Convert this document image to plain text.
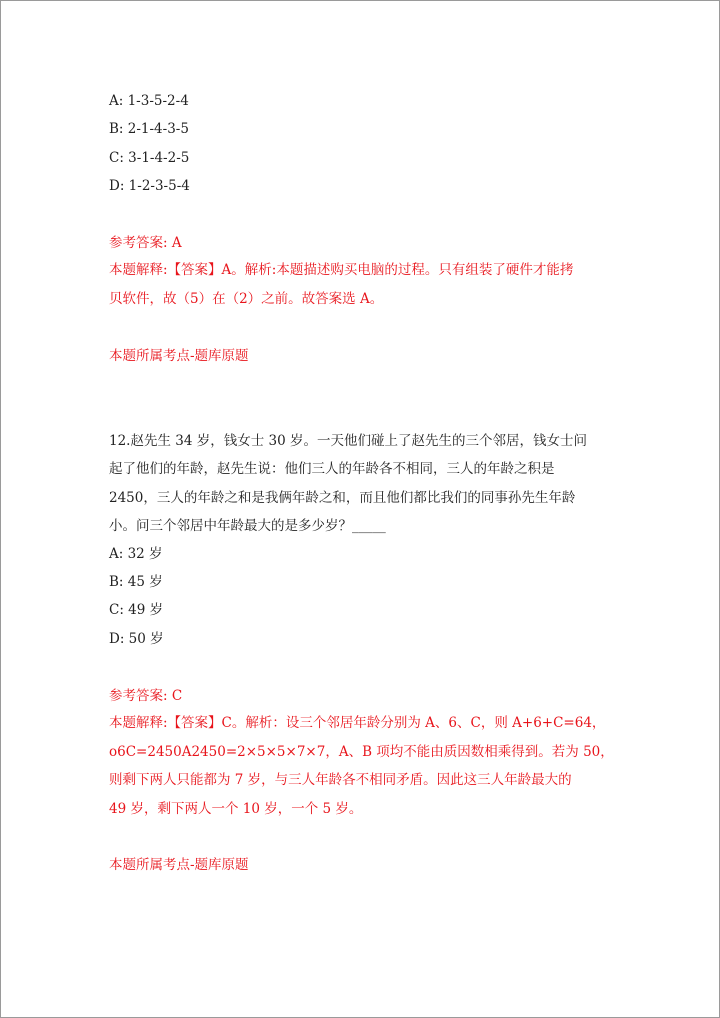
A: 1-3-5-2-4
B: 2-1-4-3-5
C: 3-1-4-2-5
D: 1-2-3-5-4
参考答案: A
本题解释:【答案】A。解析:本题描述购买电脑的过程。只有组装了硬件才能拷
贝软件，故（5）在（2）之前。故答案选 A。
本题所属考点-题库原题
12.赵先生 34 岁，钱女士 30 岁。一天他们碰上了赵先生的三个邻居，钱女士问
起了他们的年龄，赵先生说：他们三人的年龄各不相同，三人的年龄之积是
2450，三人的年龄之和是我俩年龄之和，而且他们都比我们的同事孙先生年龄
小。问三个邻居中年龄最大的是多少岁？_____
A: 32 岁
B: 45 岁
C: 49 岁
D: 50 岁
参考答案: C
本题解释:【答案】C。解析：设三个邻居年龄分别为 A、6、C，则 A+6+C=64，
o6C=2450A2450=2×5×5×7×7，A、B 项均不能由质因数相乘得到。若为 50，
则剩下两人只能都为 7 岁，与三人年龄各不相同矛盾。因此这三人年龄最大的
49 岁，剩下两人一个 10 岁，一个 5 岁。
本题所属考点-题库原题
